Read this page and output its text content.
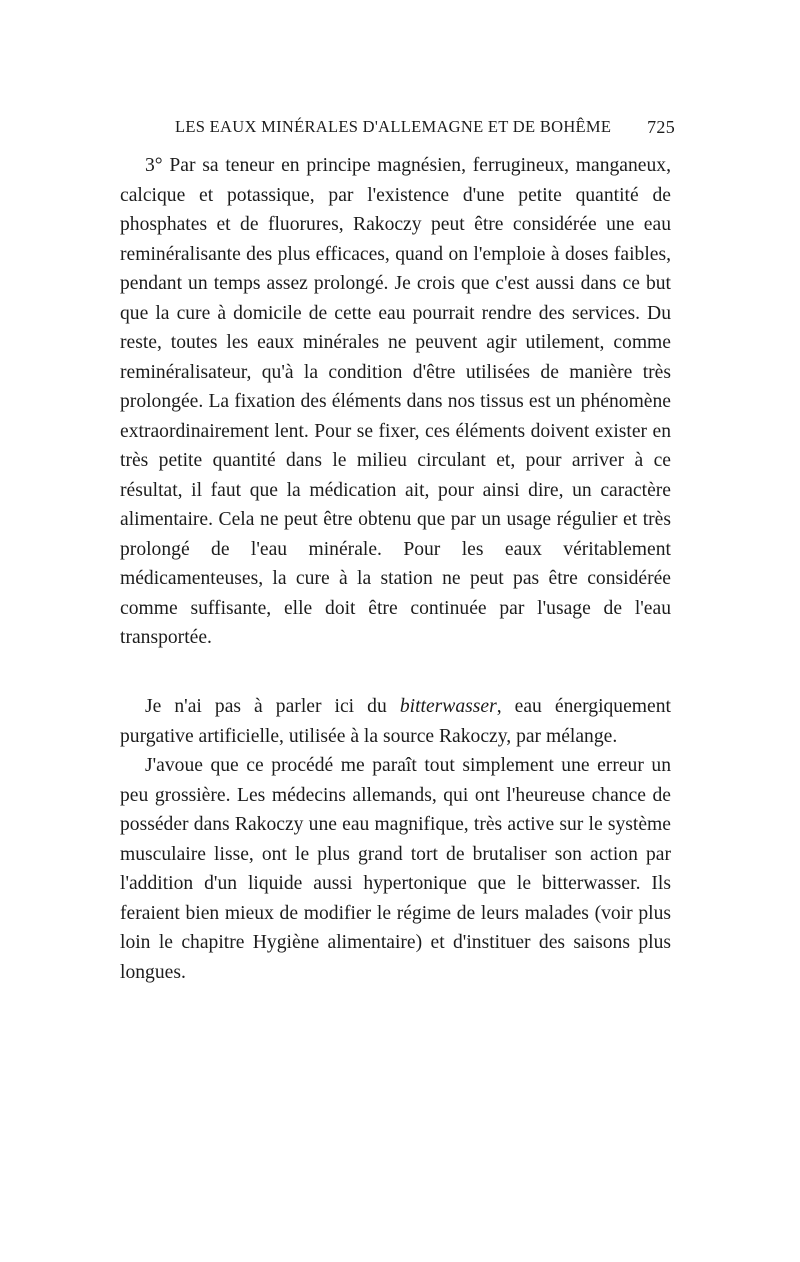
LES EAUX MINÉRALES D'ALLEMAGNE ET DE BOHÊME 725

3° Par sa teneur en principe magnésien, ferrugineux, manganeux, calcique et potassique, par l'existence d'une petite quantité de phosphates et de fluorures, Rakoczy peut être considérée une eau reminéralisante des plus efficaces, quand on l'emploie à doses faibles, pendant un temps assez prolongé. Je crois que c'est aussi dans ce but que la cure à domicile de cette eau pourrait rendre des services. Du reste, toutes les eaux minérales ne peuvent agir utilement, comme reminéralisateur, qu'à la condition d'être utilisées de manière très prolongée. La fixation des éléments dans nos tissus est un phénomène extraordinairement lent. Pour se fixer, ces éléments doivent exister en très petite quantité dans le milieu circulant et, pour arriver à ce résultat, il faut que la médication ait, pour ainsi dire, un caractère alimentaire. Cela ne peut être obtenu que par un usage régulier et très prolongé de l'eau minérale. Pour les eaux véritablement médicamenteuses, la cure à la station ne peut pas être considérée comme suffisante, elle doit être continuée par l'usage de l'eau transportée.

Je n'ai pas à parler ici du bitterwasser, eau énergiquement purgative artificielle, utilisée à la source Rakoczy, par mélange.

J'avoue que ce procédé me paraît tout simplement une erreur un peu grossière. Les médecins allemands, qui ont l'heureuse chance de posséder dans Rakoczy une eau magnifique, très active sur le système musculaire lisse, ont le plus grand tort de brutaliser son action par l'addition d'un liquide aussi hypertonique que le bitterwasser. Ils feraient bien mieux de modifier le régime de leurs malades (voir plus loin le chapitre Hygiène alimentaire) et d'instituer des saisons plus longues.
